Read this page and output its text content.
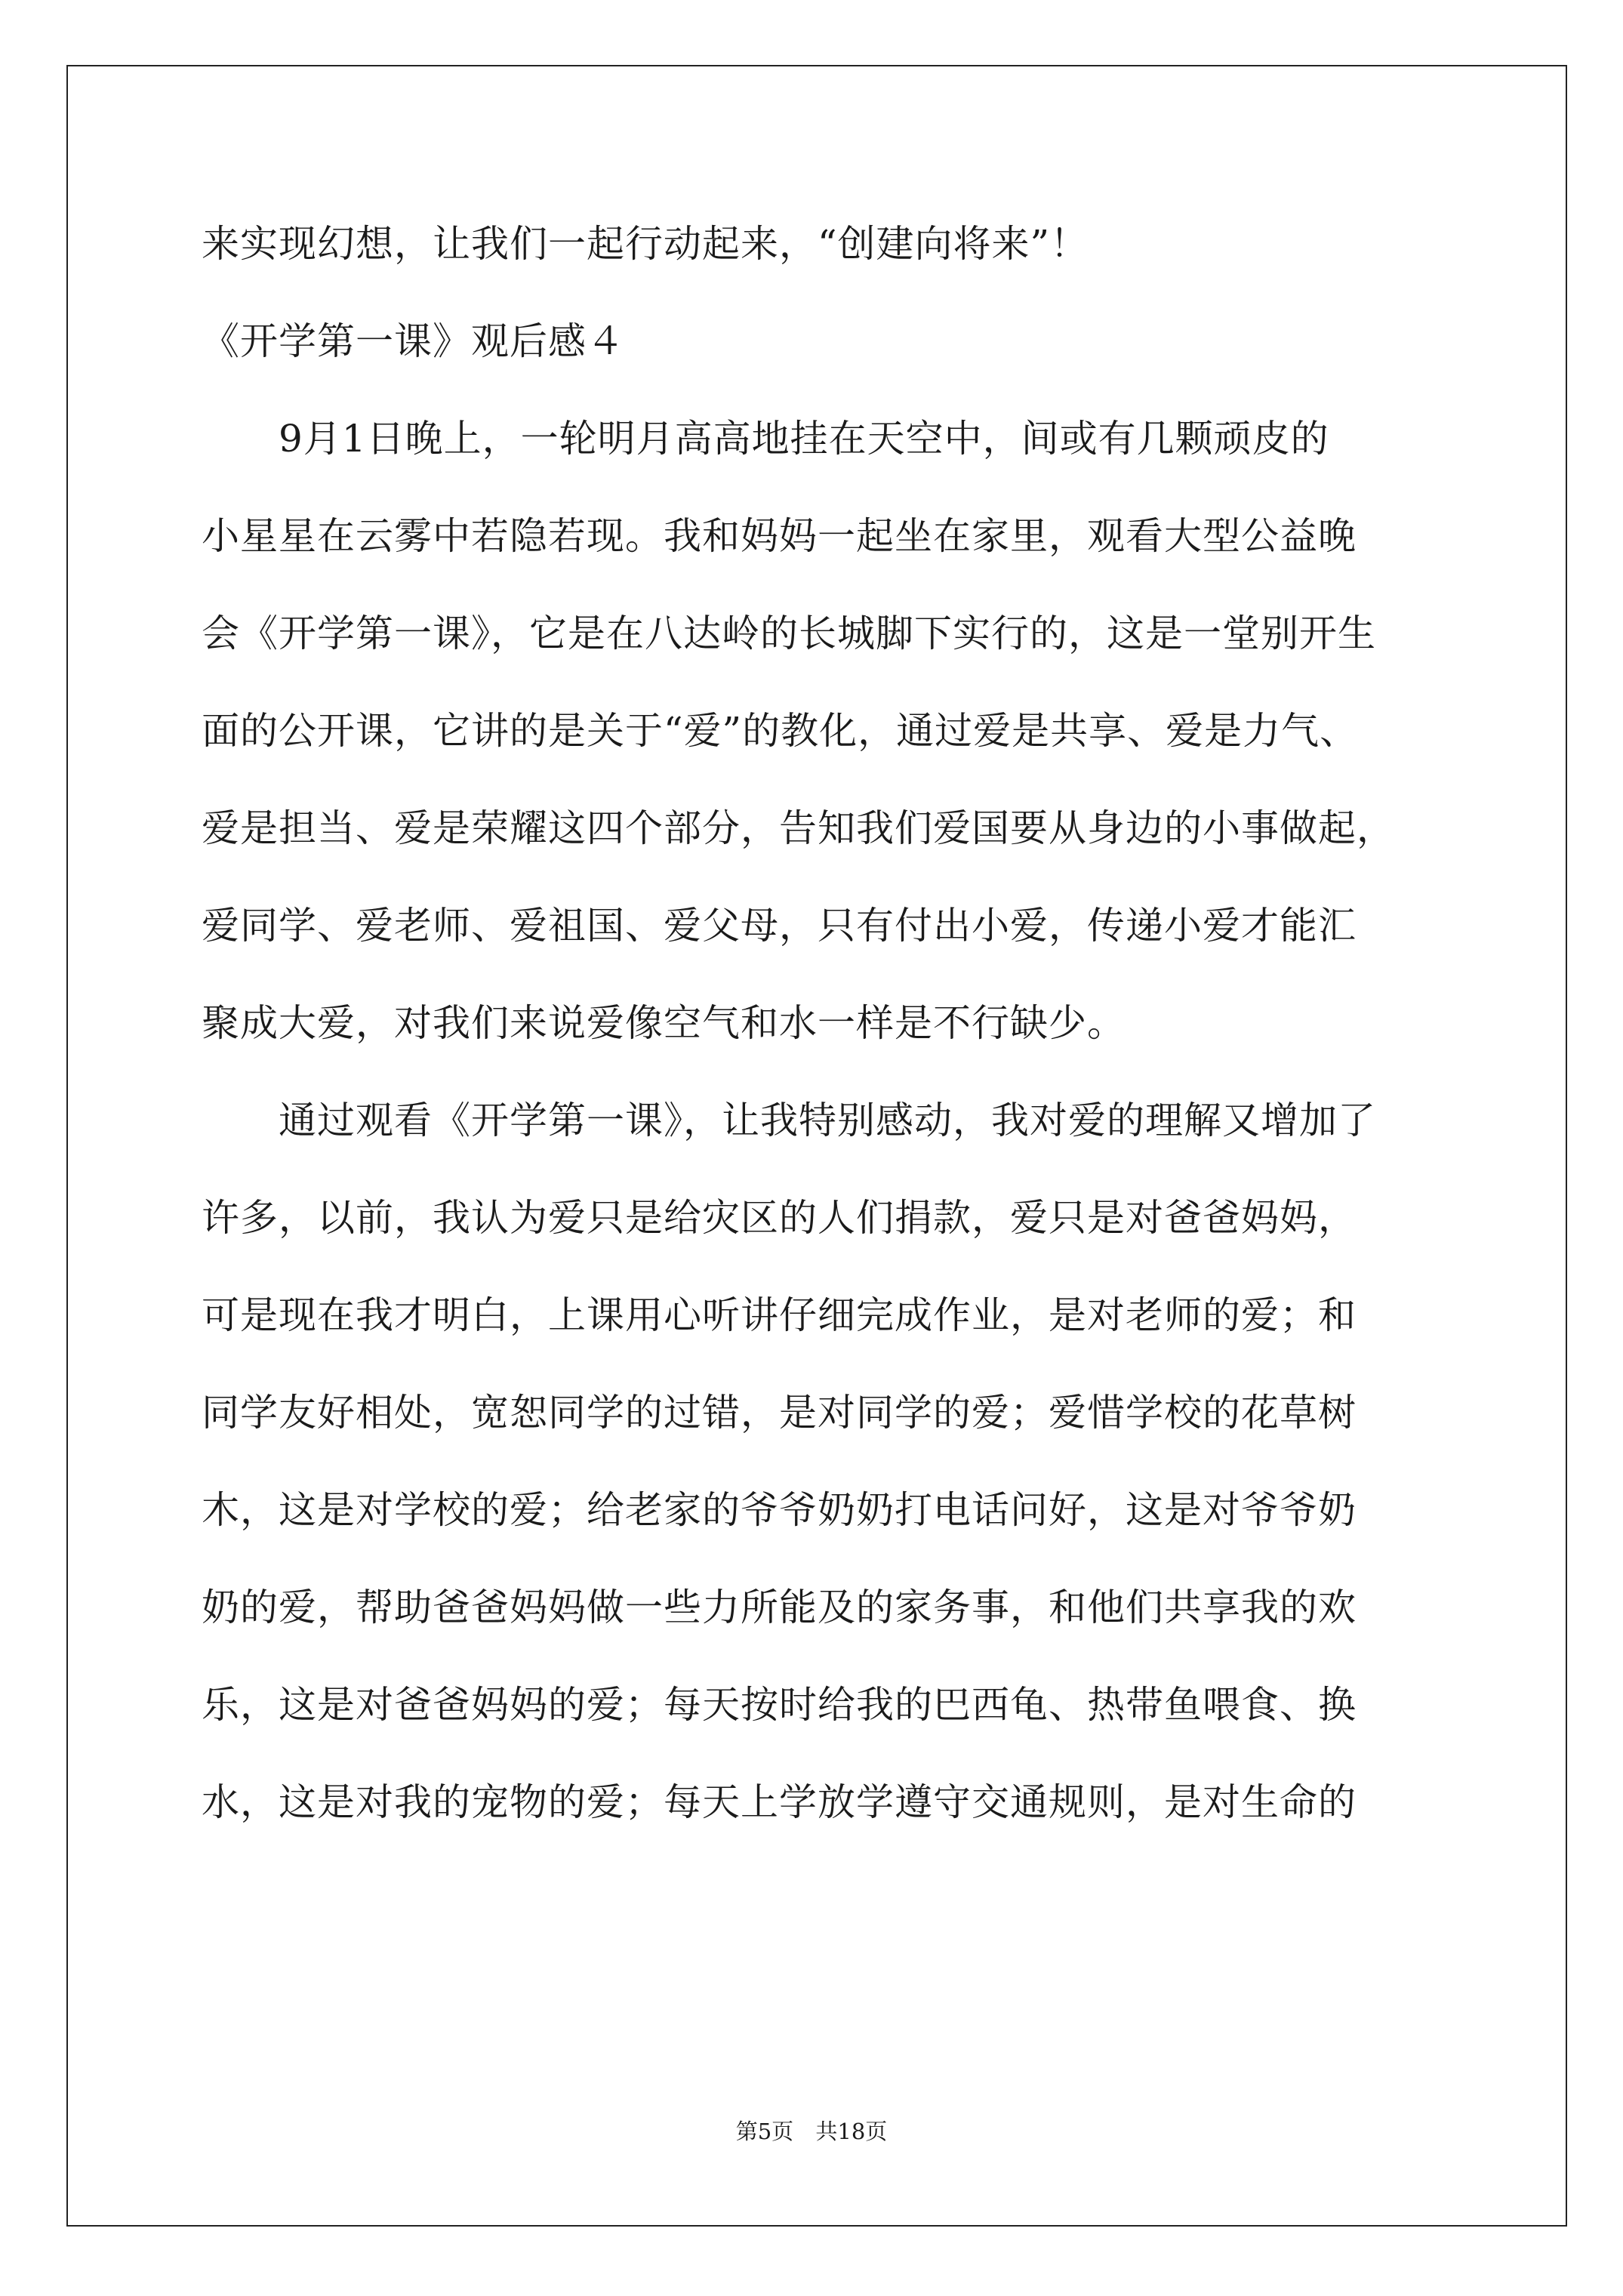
来实现幻想，让我们一起行动起来，“创建向将来”！

《开学第一课》观后感４

　　9月1日晚上，一轮明月高高地挂在天空中，间或有几颗顽皮的

小星星在云雾中若隐若现。我和妈妈一起坐在家里，观看大型公益晚

会《开学第一课》，它是在八达岭的长城脚下实行的，这是一堂别开生

面的公开课，它讲的是关于“爱”的教化，通过爱是共享、爱是力气、

爱是担当、爱是荣耀这四个部分，告知我们爱国要从身边的小事做起，

爱同学、爱老师、爱祖国、爱父母，只有付出小爱，传递小爱才能汇

聚成大爱，对我们来说爱像空气和水一样是不行缺少。

　　通过观看《开学第一课》，让我特别感动，我对爱的理解又增加了

许多，以前，我认为爱只是给灾区的人们捐款，爱只是对爸爸妈妈，

可是现在我才明白，上课用心听讲仔细完成作业，是对老师的爱；和

同学友好相处，宽恕同学的过错，是对同学的爱；爱惜学校的花草树

木，这是对学校的爱；给老家的爷爷奶奶打电话问好，这是对爷爷奶

奶的爱，帮助爸爸妈妈做一些力所能及的家务事，和他们共享我的欢

乐，这是对爸爸妈妈的爱；每天按时给我的巴西龟、热带鱼喂食、换

水，这是对我的宠物的爱；每天上学放学遵守交通规则，是对生命的

第5页 共18页
